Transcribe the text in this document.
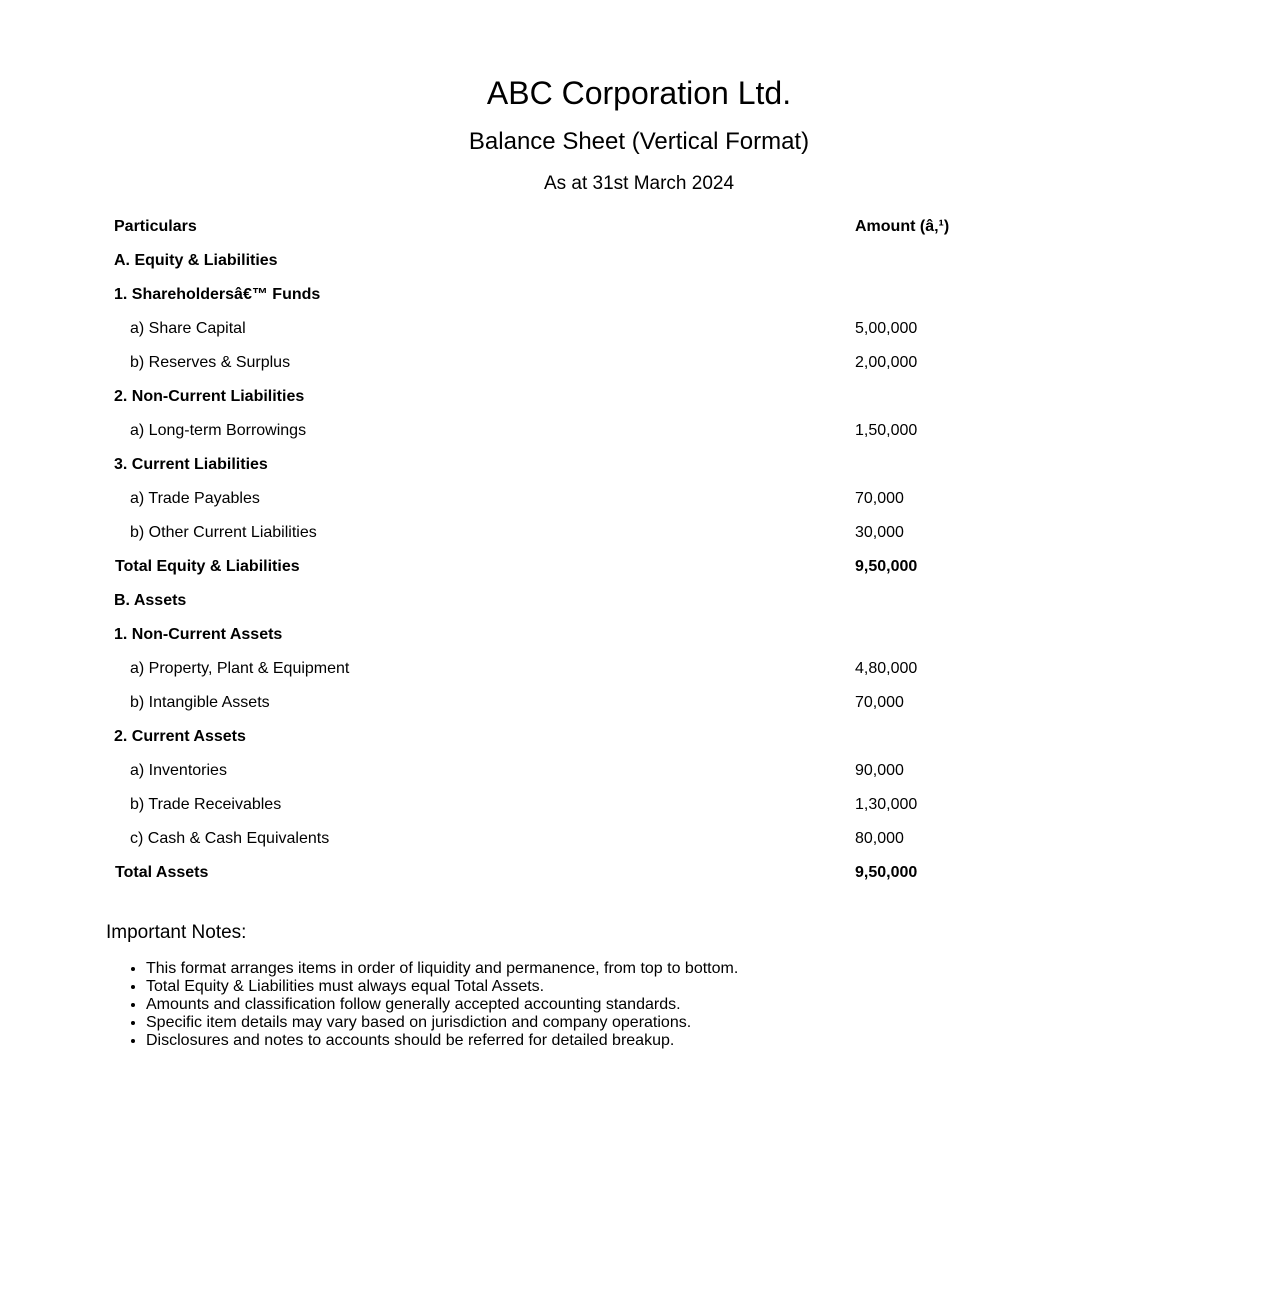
ABC Corporation Ltd.
Balance Sheet (Vertical Format)
As at 31st March 2024
Particulars	Amount (â‚¹)
A. Equity & Liabilities
1. Shareholdersâ€™ Funds
a) Share Capital	5,00,000
b) Reserves & Surplus	2,00,000
2. Non-Current Liabilities
a) Long-term Borrowings	1,50,000
3. Current Liabilities
a) Trade Payables	70,000
b) Other Current Liabilities	30,000
Total Equity & Liabilities	9,50,000
B. Assets
1. Non-Current Assets
a) Property, Plant & Equipment	4,80,000
b) Intangible Assets	70,000
2. Current Assets
a) Inventories	90,000
b) Trade Receivables	1,30,000
c) Cash & Cash Equivalents	80,000
Total Assets	9,50,000
Important Notes:
• This format arranges items in order of liquidity and permanence, from top to bottom.
• Total Equity & Liabilities must always equal Total Assets.
• Amounts and classification follow generally accepted accounting standards.
• Specific item details may vary based on jurisdiction and company operations.
• Disclosures and notes to accounts should be referred for detailed breakup.
